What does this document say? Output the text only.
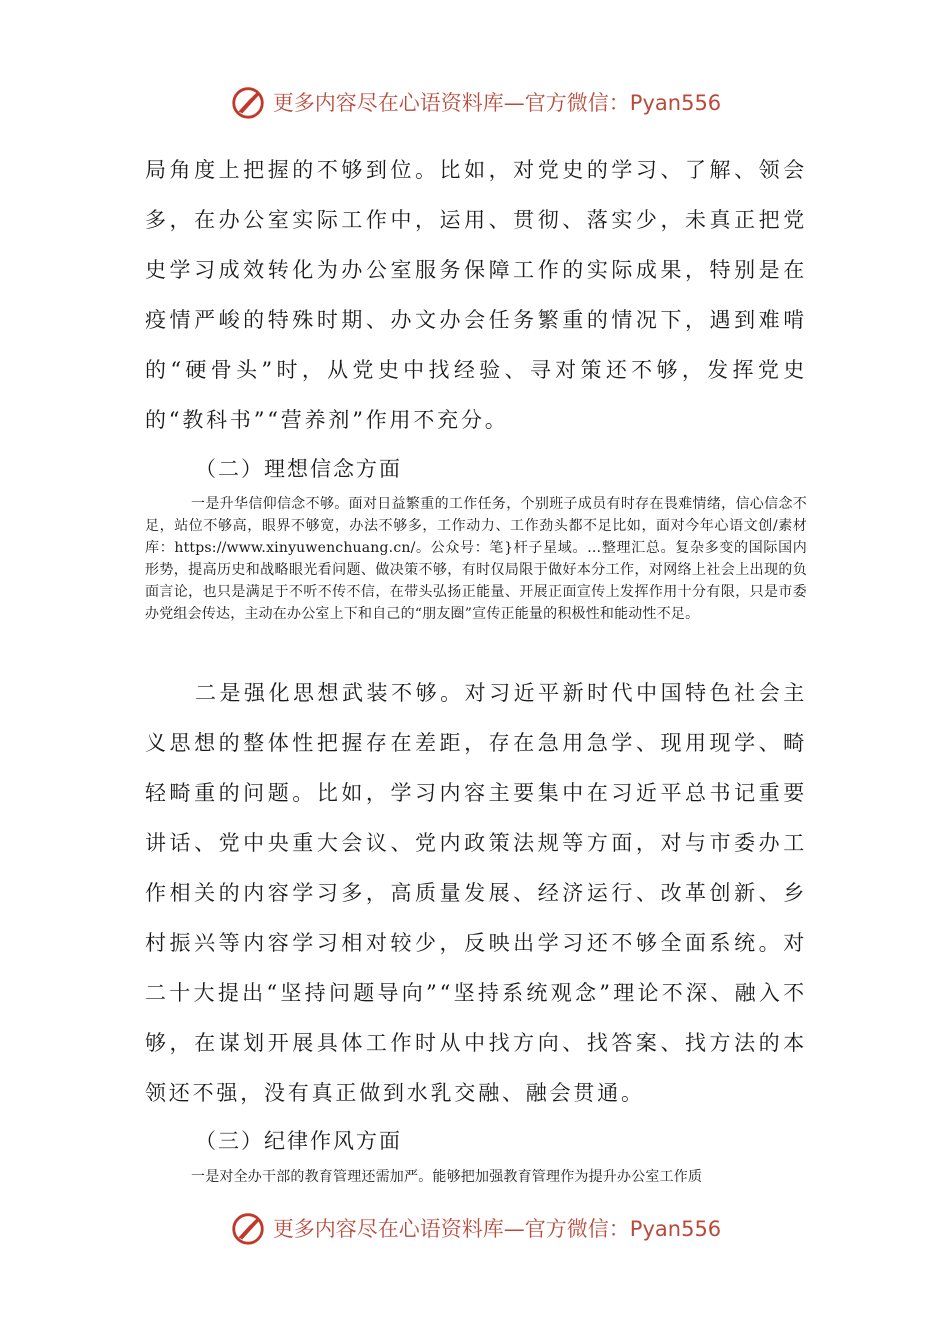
更多内容尽在心语资料库—官方微信：Pyan556

局角度上把握的不够到位。比如，对党史的学习、了解、领会多，在办公室实际工作中，运用、贯彻、落实少，未真正把党史学习成效转化为办公室服务保障工作的实际成果，特别是在疫情严峻的特殊时期、办文办会任务繁重的情况下，遇到难啃的“硬骨头”时，从党史中找经验、寻对策还不够，发挥党史的“教科书”“营养剂”作用不充分。

（二）理想信念方面

一是升华信仰信念不够。面对日益繁重的工作任务，个别班子成员有时存在畏难情绪，信心信念不足，站位不够高，眼界不够宽，办法不够多，工作动力、工作劲头都不足比如，面对今年心语文创/素材库：https://www.xinyuwenchuang.cn/。公众号：笔}杆子星域。…整理汇总。复杂多变的国际国内形势，提高历史和战略眼光看问题、做决策不够，有时仅局限于做好本分工作，对网络上社会上出现的负面言论，也只是满足于不听不传不信，在带头弘扬正能量、开展正面宣传上发挥作用十分有限，只是市委办党组会传达，主动在办公室上下和自己的“朋友圈”宣传正能量的积极性和能动性不足。

二是强化思想武装不够。对习近平新时代中国特色社会主义思想的整体性把握存在差距，存在急用急学、现用现学、畸轻畸重的问题。比如，学习内容主要集中在习近平总书记重要讲话、党中央重大会议、党内政策法规等方面，对与市委办工作相关的内容学习多，高质量发展、经济运行、改革创新、乡村振兴等内容学习相对较少，反映出学习还不够全面系统。对二十大提出“坚持问题导向”“坚持系统观念”理论不深、融入不够，在谋划开展具体工作时从中找方向、找答案、找方法的本领还不强，没有真正做到水乳交融、融会贯通。

（三）纪律作风方面

一是对全办干部的教育管理还需加严。能够把加强教育管理作为提升办公室工作质

更多内容尽在心语资料库—官方微信：Pyan556
